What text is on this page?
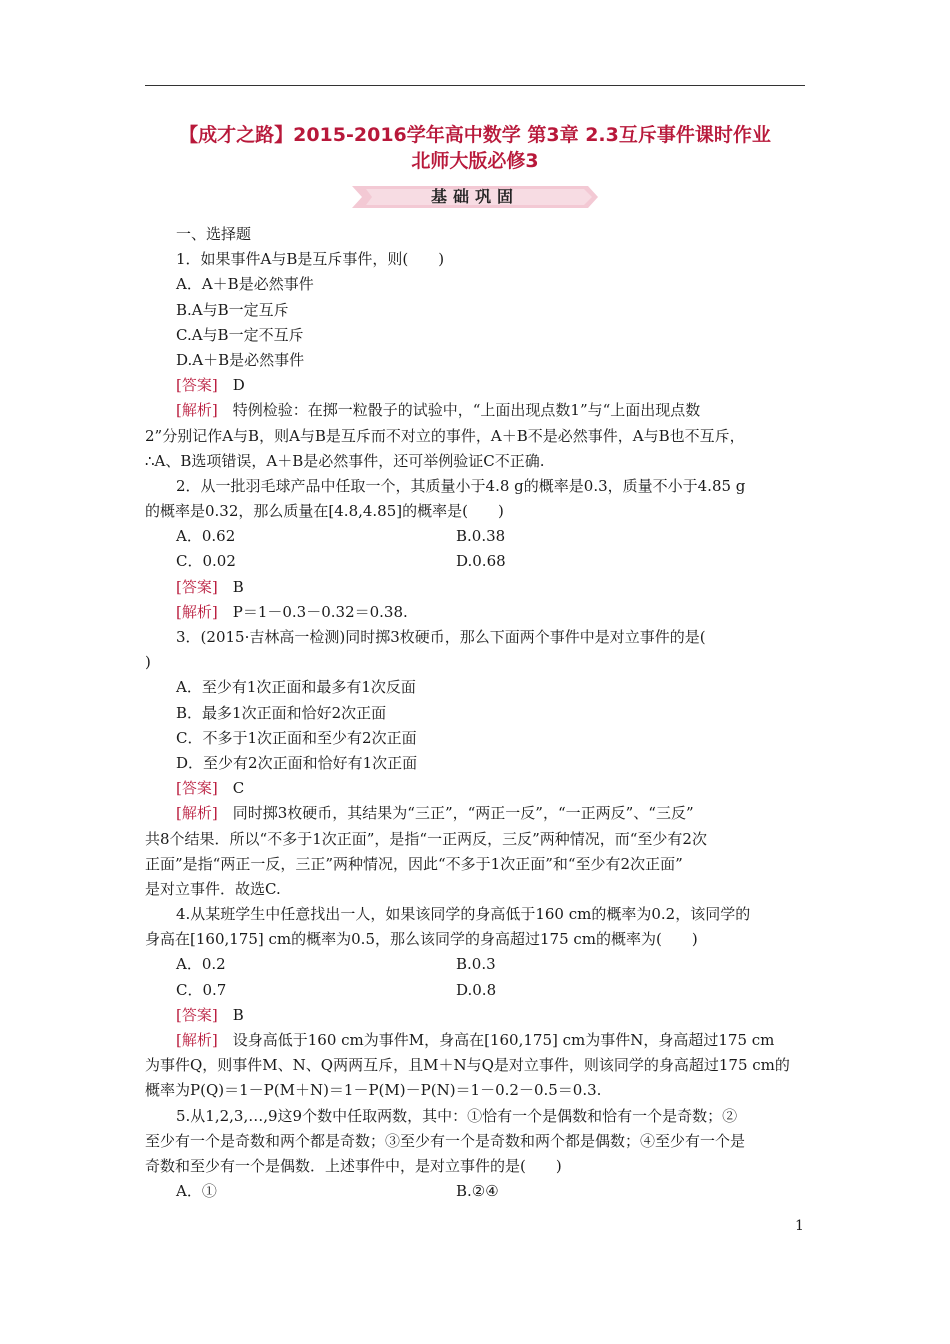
【成才之路】2015-2016学年高中数学 第3章 2.3互斥事件课时作业
北师大版必修3
基础巩固
一、选择题
1．如果事件A与B是互斥事件，则(　　)
A．A＋B是必然事件
B.A与B一定互斥
C.A与B一定不互斥
D.A＋B是必然事件
[答案]　 D
[解析]　 特例检验：在掷一粒骰子的试验中，“上面出现点数1”与“上面出现点数
2”分别记作A与B，则A与B是互斥而不对立的事件，A＋B不是必然事件，A与B也不互斥，
∴A、B选项错误，A＋B是必然事件，还可举例验证C不正确.
2．从一批羽毛球产品中任取一个，其质量小于4.8 g的概率是0.3，质量不小于4.85 g
的概率是0.32，那么质量在[4.8,4.85]的概率是(　　)
A．0.62	B.0.38
C．0.02	D.0.68
[答案]　 B
[解析]　 P＝1－0.3－0.32＝0.38.
3．(2015·吉林高一检测)同时掷3枚硬币，那么下面两个事件中是对立事件的是(
)
A．至少有1次正面和最多有1次反面
B．最多1次正面和恰好2次正面
C．不多于1次正面和至少有2次正面
D．至少有2次正面和恰好有1次正面
[答案]　 C
[解析]　 同时掷3枚硬币，其结果为“三正”，“两正一反”，“一正两反”、“三反”
共8个结果．所以“不多于1次正面”，是指“一正两反，三反”两种情况，而“至少有2次
正面”是指“两正一反，三正”两种情况，因此“不多于1次正面”和“至少有2次正面”
是对立事件．故选C.
4.从某班学生中任意找出一人，如果该同学的身高低于160 cm的概率为0.2，该同学的
身高在[160,175] cm的概率为0.5，那么该同学的身高超过175 cm的概率为(　　)
A．0.2	B.0.3
C．0.7	D.0.8
[答案]　 B
[解析]　 设身高低于160 cm为事件M，身高在[160,175] cm为事件N，身高超过175 cm
为事件Q，则事件M、N、Q两两互斥，且M＋N与Q是对立事件，则该同学的身高超过175 cm的
概率为P(Q)＝1－P(M＋N)＝1－P(M)－P(N)＝1－0.2－0.5＝0.3.
5.从1,2,3,…,9这9个数中任取两数，其中：①恰有一个是偶数和恰有一个是奇数；②
至少有一个是奇数和两个都是奇数；③至少有一个是奇数和两个都是偶数；④至少有一个是
奇数和至少有一个是偶数．上述事件中，是对立事件的是(　　)
A．①	B.②④
1
